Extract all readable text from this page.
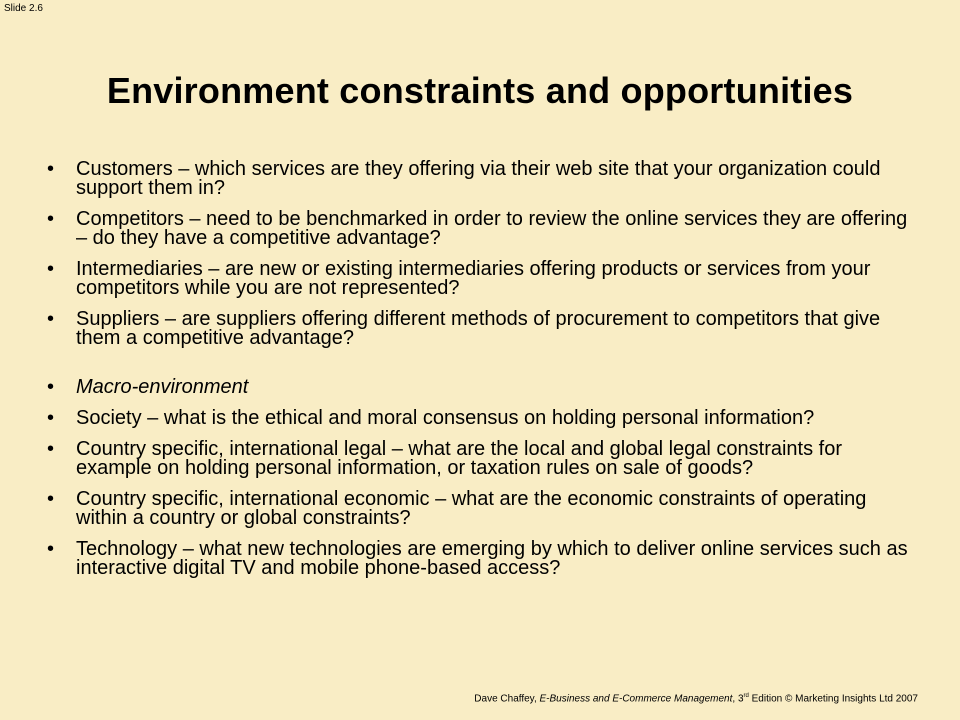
Slide 2.6
Environment constraints and opportunities
• Customers – which services are they offering via their web site that your organization could support them in?
• Competitors – need to be benchmarked in order to review the online services they are offering – do they have a competitive advantage?
• Intermediaries – are new or existing intermediaries offering products or services from your competitors while you are not represented?
• Suppliers – are suppliers offering different methods of procurement to competitors that give them a competitive advantage?
• Macro-environment
• Society – what is the ethical and moral consensus on holding personal information?
• Country specific, international legal – what are the local and global legal constraints for example on holding personal information, or taxation rules on sale of goods?
• Country specific, international economic – what are the economic constraints of operating within a country or global constraints?
• Technology – what new technologies are emerging by which to deliver online services such as interactive digital TV and mobile phone-based access?
Dave Chaffey, E-Business and E-Commerce Management, 3rd Edition © Marketing Insights Ltd 2007
